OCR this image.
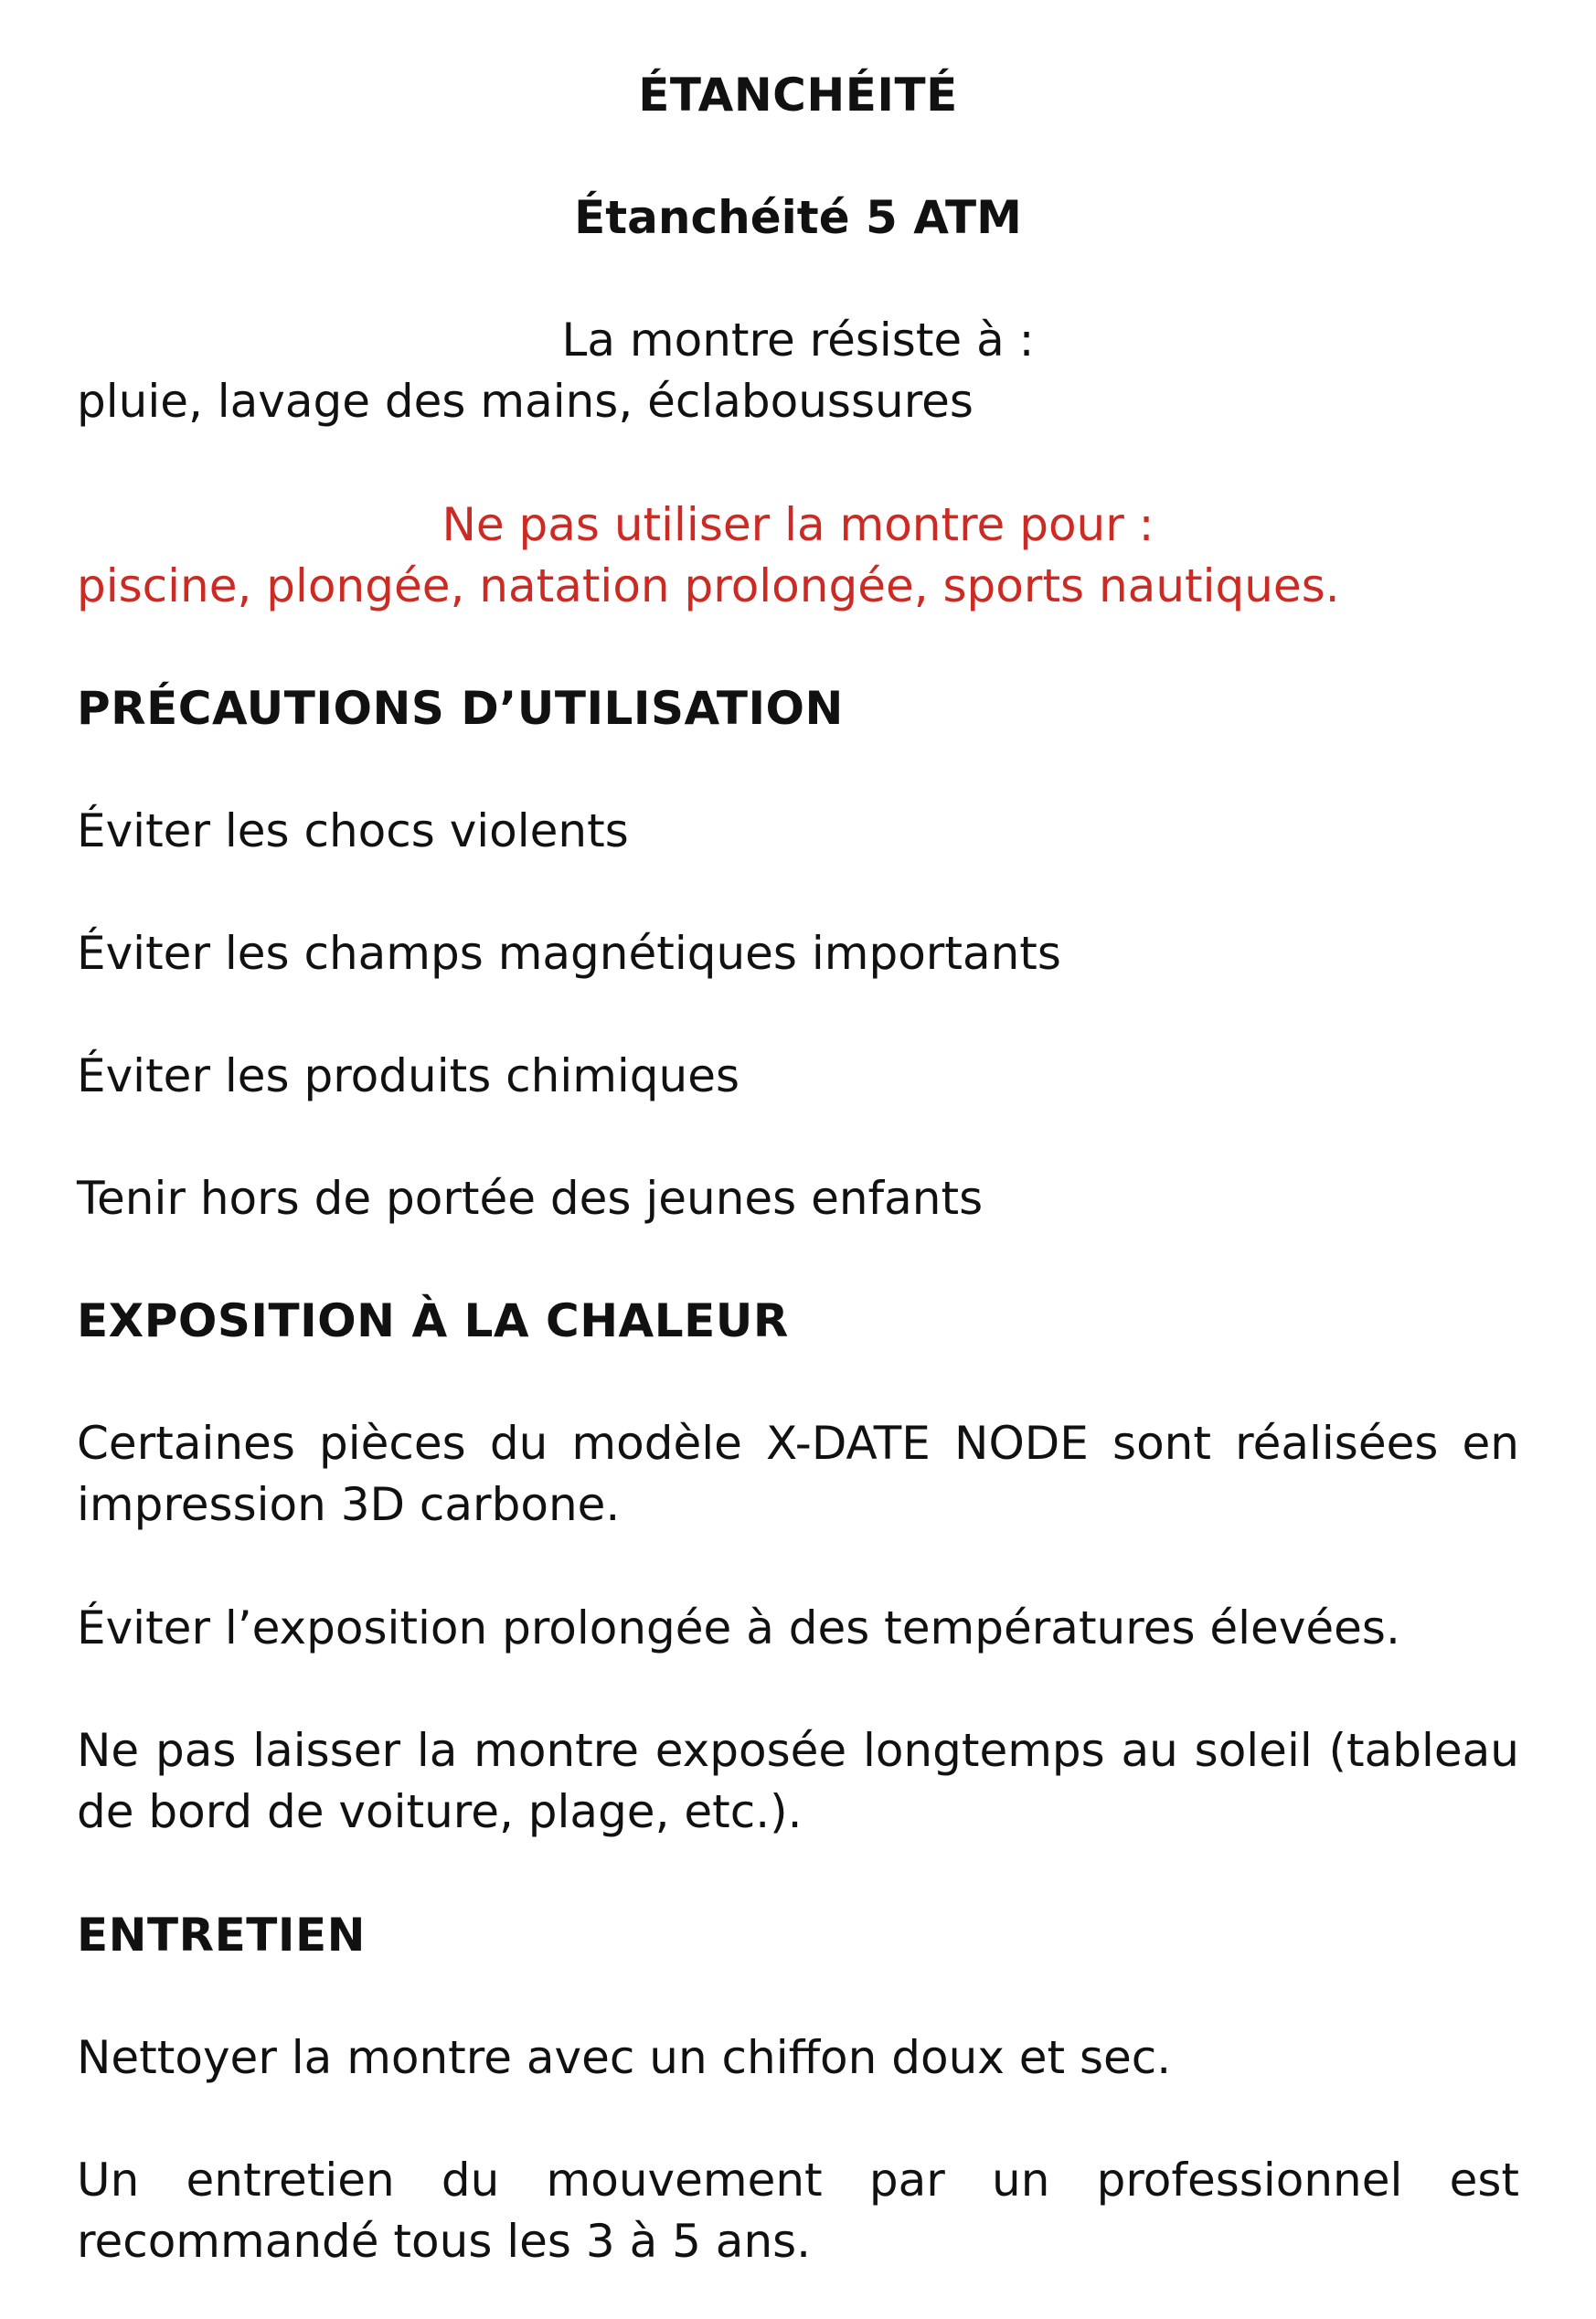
ÉTANCHÉITÉ
Étanchéité 5 ATM
La montre résiste à :
pluie, lavage des mains, éclaboussures
Ne pas utiliser la montre pour :
piscine, plongée, natation prolongée, sports nautiques.
PRÉCAUTIONS D’UTILISATION
Éviter les chocs violents
Éviter les champs magnétiques importants
Éviter les produits chimiques
Tenir hors de portée des jeunes enfants
EXPOSITION À LA CHALEUR
Certaines pièces du modèle X-DATE NODE sont réalisées en impression 3D carbone.
Éviter l’exposition prolongée à des températures élevées.
Ne pas laisser la montre exposée longtemps au soleil (tableau de bord de voiture, plage, etc.).
ENTRETIEN
Nettoyer la montre avec un chiffon doux et sec.
Un entretien du mouvement par un professionnel est recommandé tous les 3 à 5 ans.
